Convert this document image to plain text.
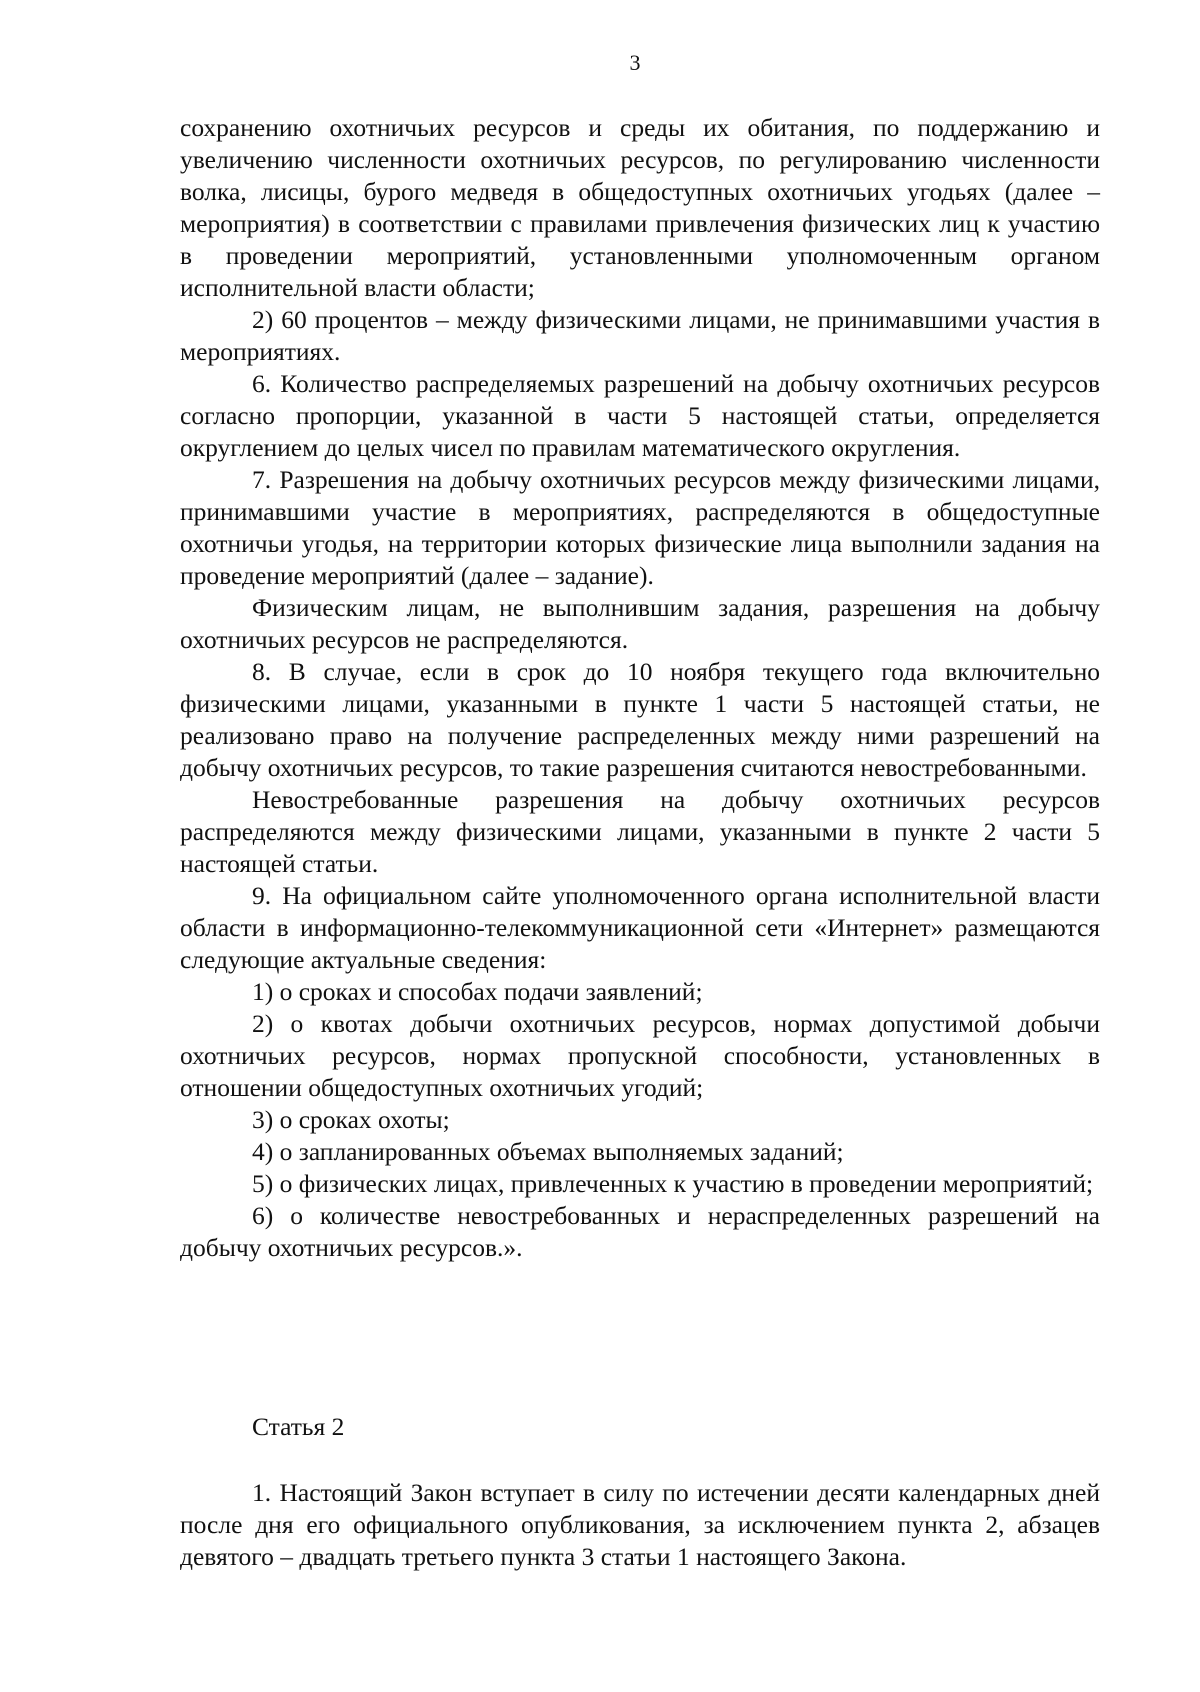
3

сохранению охотничьих ресурсов и среды их обитания, по поддержанию и увеличению численности охотничьих ресурсов, по регулированию численности волка, лисицы, бурого медведя в общедоступных охотничьих угодьях (далее – мероприятия) в соответствии с правилами привлечения физических лиц к участию в проведении мероприятий, установленными уполномоченным органом исполнительной власти области;

2) 60 процентов – между физическими лицами, не принимавшими участия в мероприятиях.

6. Количество распределяемых разрешений на добычу охотничьих ресурсов согласно пропорции, указанной в части 5 настоящей статьи, определяется округлением до целых чисел по правилам математического округления.

7. Разрешения на добычу охотничьих ресурсов между физическими лицами, принимавшими участие в мероприятиях, распределяются в общедоступные охотничьи угодья, на территории которых физические лица выполнили задания на проведение мероприятий (далее – задание).

Физическим лицам, не выполнившим задания, разрешения на добычу охотничьих ресурсов не распределяются.

8. В случае, если в срок до 10 ноября текущего года включительно физическими лицами, указанными в пункте 1 части 5 настоящей статьи, не реализовано право на получение распределенных между ними разрешений на добычу охотничьих ресурсов, то такие разрешения считаются невостребованными.

Невостребованные разрешения на добычу охотничьих ресурсов распределяются между физическими лицами, указанными в пункте 2 части 5 настоящей статьи.

9. На официальном сайте уполномоченного органа исполнительной власти области в информационно-телекоммуникационной сети «Интернет» размещаются следующие актуальные сведения:

1) о сроках и способах подачи заявлений;

2) о квотах добычи охотничьих ресурсов, нормах допустимой добычи охотничьих ресурсов, нормах пропускной способности, установленных в отношении общедоступных охотничьих угодий;

3) о сроках охоты;

4) о запланированных объемах выполняемых заданий;

5) о физических лицах, привлеченных к участию в проведении мероприятий;

6) о количестве невостребованных и нераспределенных разрешений на добычу охотничьих ресурсов.».

Статья 2

1. Настоящий Закон вступает в силу по истечении десяти календарных дней после дня его официального опубликования, за исключением пункта 2, абзацев девятого – двадцать третьего пункта 3 статьи 1 настоящего Закона.
